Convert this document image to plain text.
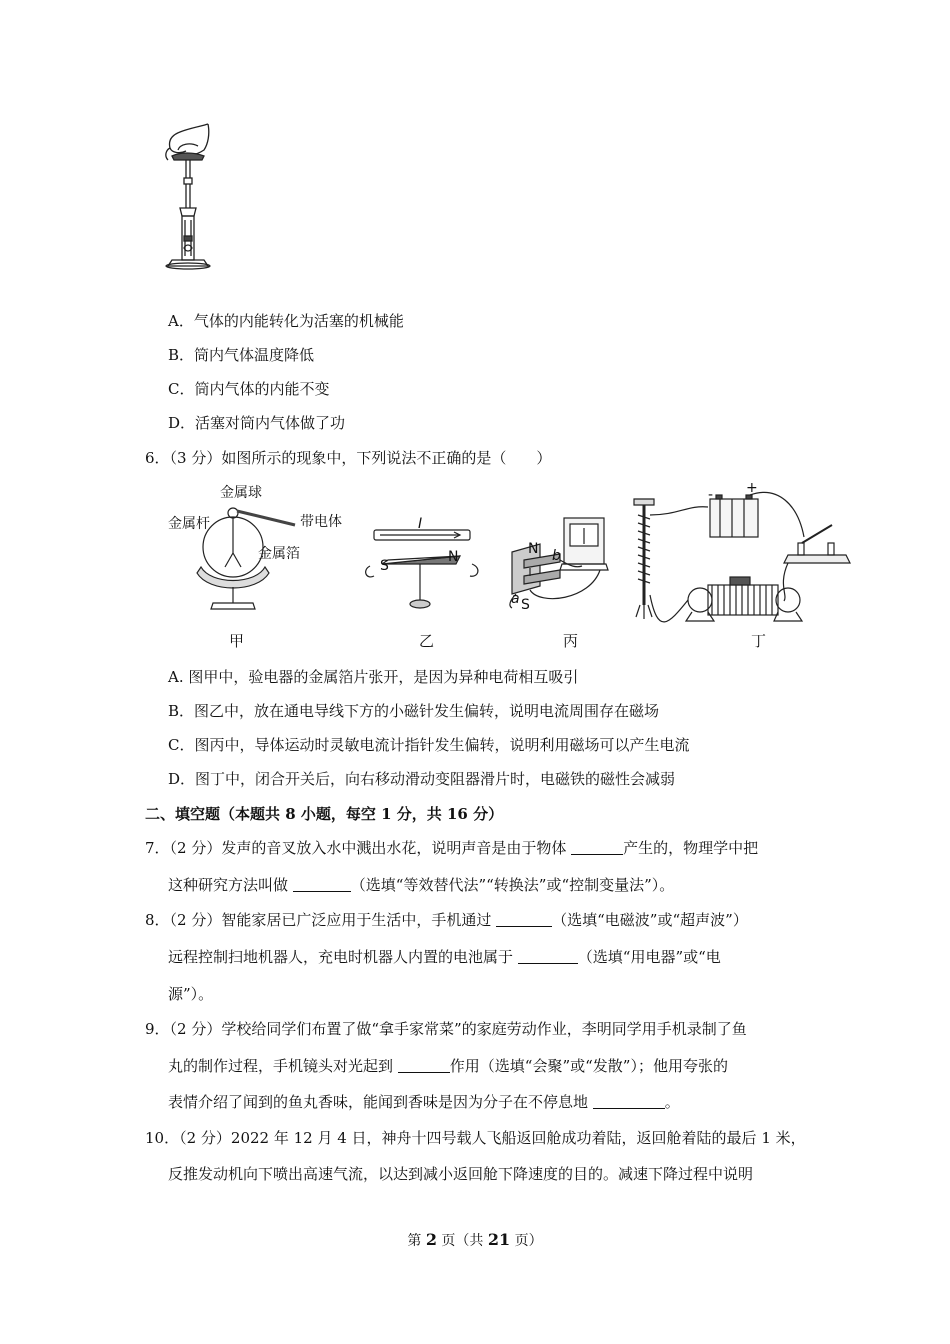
A．气体的内能转化为活塞的机械能
B．筒内气体温度降低
C．筒内气体的内能不变
D．活塞对筒内气体做了功
6．（3 分）如图所示的现象中，下列说法不正确的是（　　）
金属球
金属杆	带电体
金属箔
I
S
N	N b
a S
- +
甲	乙	丙	丁
A. 图甲中，验电器的金属箔片张开，是因为异种电荷相互吸引
B．图乙中，放在通电导线下方的小磁针发生偏转，说明电流周围存在磁场
C．图丙中，导体运动时灵敏电流计指针发生偏转，说明利用磁场可以产生电流
D．图丁中，闭合开关后，向右移动滑动变阻器滑片时，电磁铁的磁性会减弱
二、填空题（本题共 8 小题，每空 1 分，共 16 分）
7．（2 分）发声的音叉放入水中溅出水花，说明声音是由于物体	产生的，物理学中把
这种研究方法叫做	（选填“等效替代法”“转换法”或“控制变量法”）。
8．（2 分）智能家居已广泛应用于生活中，手机通过	（选填“电磁波”或“超声波”）
远程控制扫地机器人，充电时机器人内置的电池属于	（选填“用电器”或“电
源”）。
9．（2 分）学校给同学们布置了做“拿手家常菜”的家庭劳动作业，李明同学用手机录制了鱼
丸的制作过程，手机镜头对光起到	作用（选填“会聚”或“发散”）；他用夸张的
表情介绍了闻到的鱼丸香味，能闻到香味是因为分子在不停息地	。
10．（2 分）2022 年 12 月 4 日，神舟十四号载人飞船返回舱成功着陆，返回舱着陆的最后 1 米，
反推发动机向下喷出高速气流，以达到减小返回舱下降速度的目的。减速下降过程中说明
第 2 页（共 21 页）
